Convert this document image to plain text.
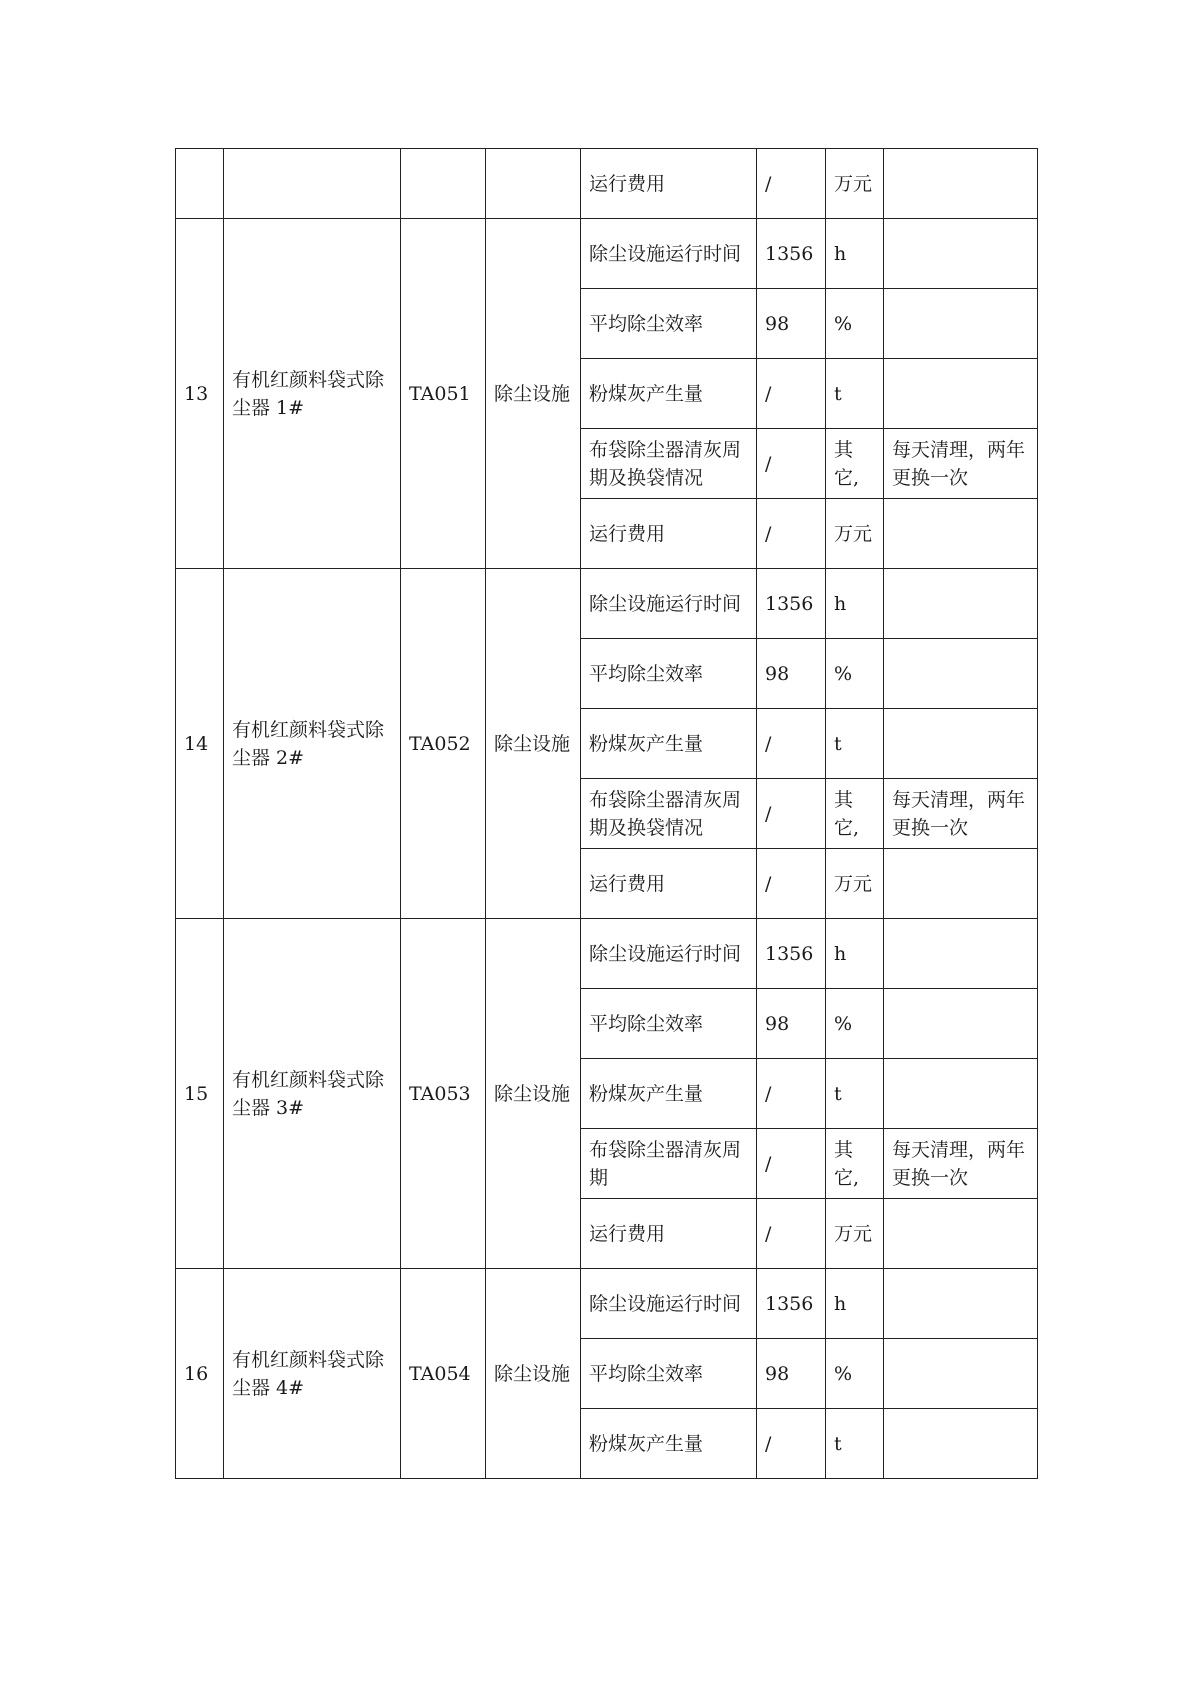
				运行费用	/	万元	
13	有机红颜料袋式除尘器 1#	TA051	除尘设施	除尘设施运行时间	1356	h	
				平均除尘效率	98	%	
				粉煤灰产生量	/	t	
				布袋除尘器清灰周期及换袋情况	/	其它,	每天清理，两年更换一次
				运行费用	/	万元	
14	有机红颜料袋式除尘器 2#	TA052	除尘设施	除尘设施运行时间	1356	h	
				平均除尘效率	98	%	
				粉煤灰产生量	/	t	
				布袋除尘器清灰周期及换袋情况	/	其它,	每天清理，两年更换一次
				运行费用	/	万元	
15	有机红颜料袋式除尘器 3#	TA053	除尘设施	除尘设施运行时间	1356	h	
				平均除尘效率	98	%	
				粉煤灰产生量	/	t	
				布袋除尘器清灰周期	/	其它,	每天清理，两年更换一次
				运行费用	/	万元	
16	有机红颜料袋式除尘器 4#	TA054	除尘设施	除尘设施运行时间	1356	h	
				平均除尘效率	98	%	
				粉煤灰产生量	/	t	
